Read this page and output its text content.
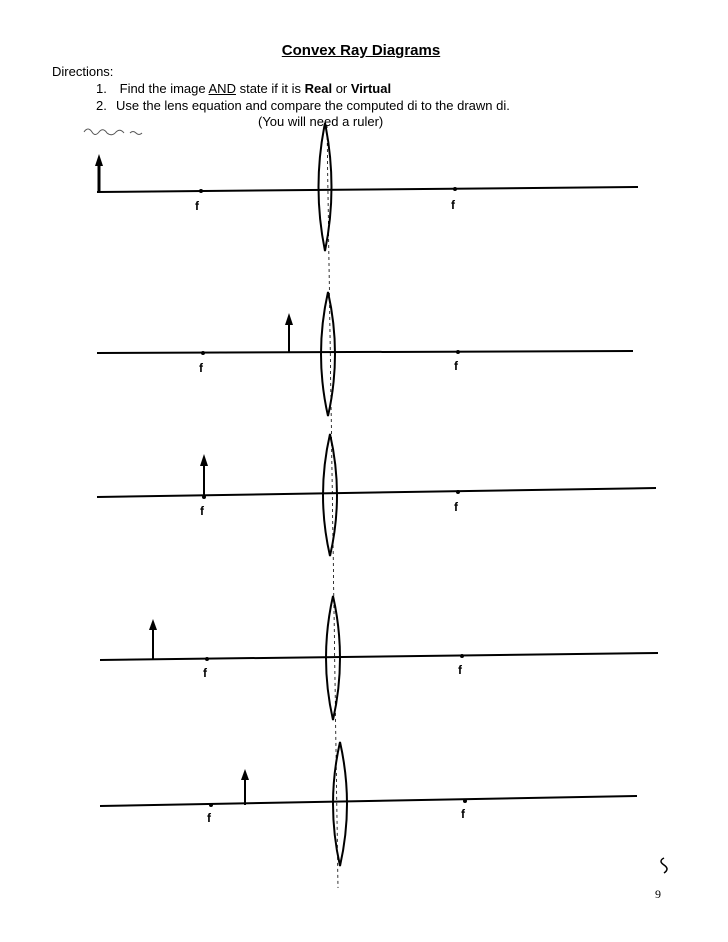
Convex Ray Diagrams
Directions:
1. Find the image AND state if it is Real or Virtual
2. Use the lens equation and compare the computed di to the drawn di.
(You will need a ruler)
f	f
f	f
f	f
f	f
f	f
9
